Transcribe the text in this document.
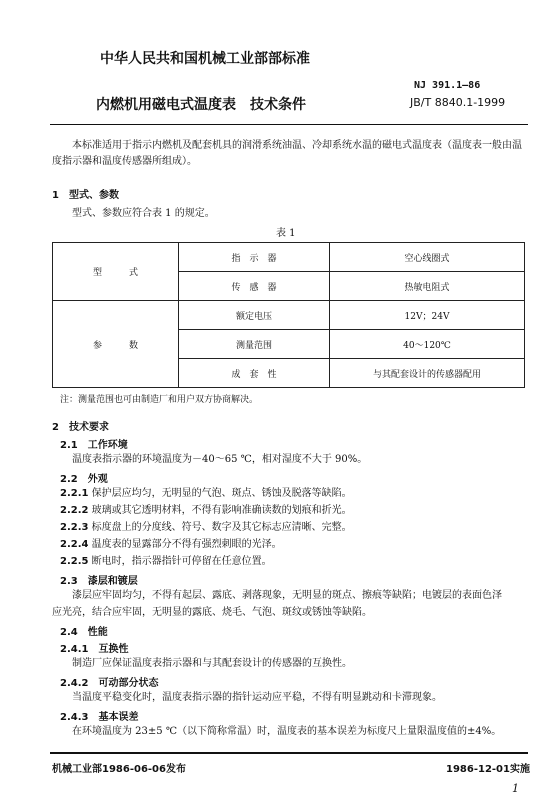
中华人民共和国机械工业部部标准
内燃机用磁电式温度表　技术条件
NJ 391.1—86
JB/T 8840.1-1999
本标准适用于指示内燃机及配套机具的润滑系统油温、冷却系统水温的磁电式温度表（温度表一般由温度指示器和温度传感器所组成）。
1　型式、参数
型式、参数应符合表 1 的规定。
表 1
型　　　式	指　示　器	空心线圈式
	传　感　器	热敏电阻式
参　　　数	额定电压	12V；24V
	测量范围	40～120℃
	成　套　性	与其配套设计的传感器配用
注：测量范围也可由制造厂和用户双方协商解决。
2　技术要求
2.1　工作环境
温度表指示器的环境温度为－40～65 ℃，相对湿度不大于 90%。
2.2　外观
2.2.1 保护层应均匀，无明显的气泡、斑点、锈蚀及脱落等缺陷。
2.2.2 玻璃或其它透明材料，不得有影响准确读数的划痕和折光。
2.2.3 标度盘上的分度线、符号、数字及其它标志应清晰、完整。
2.2.4 温度表的显露部分不得有强烈刺眼的光泽。
2.2.5 断电时，指示器指针可停留在任意位置。
2.3　漆层和镀层
漆层应牢固均匀，不得有起层、露底、剥落现象，无明显的斑点、擦痕等缺陷；电镀层的表面色泽
应光亮，结合应牢固，无明显的露底、烧毛、气泡、斑纹或锈蚀等缺陷。
2.4　性能
2.4.1　互换性
制造厂应保证温度表指示器和与其配套设计的传感器的互换性。
2.4.2　可动部分状态
当温度平稳变化时，温度表指示器的指针运动应平稳，不得有明显跳动和卡滞现象。
2.4.3　基本误差
在环境温度为 23±5 ℃（以下简称常温）时，温度表的基本误差为标度尺上量限温度值的±4%。
机械工业部1986-06-06发布	1986-12-01实施
1
